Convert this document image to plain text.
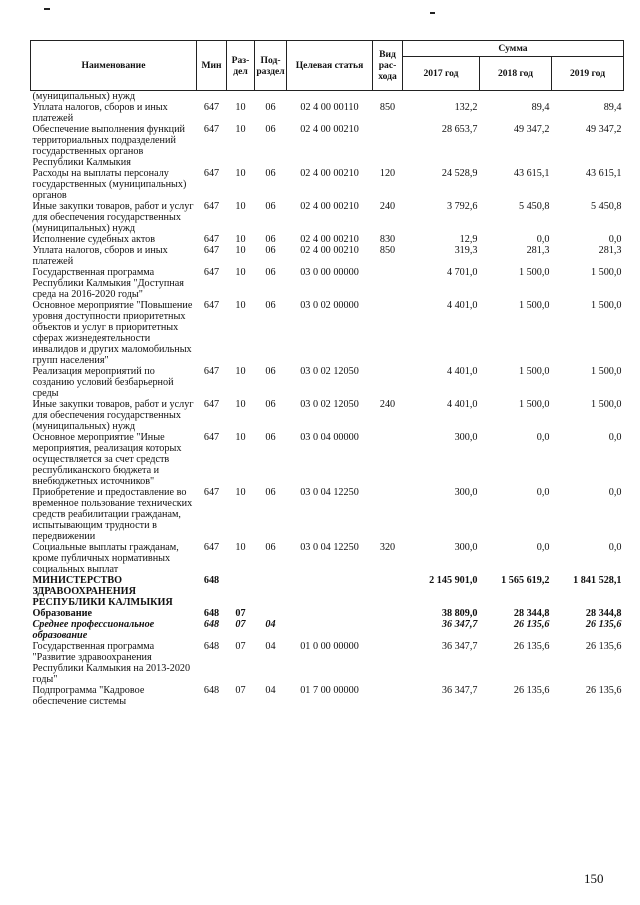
Наименование	Мин	Раз-дел	Под-раздел	Целевая статья	Вид рас-хода	Сумма		
						2017 год	2018 год	2019 год
(муниципальных) нужд								
Уплата налогов, сборов и иных платежей	647	10	06	02 4 00 00110	850	132,2	89,4	89,4
Обеспечение выполнения функций территориальных подразделений государственных органов Республики Калмыкия	647	10	06	02 4 00 00210		28 653,7	49 347,2	49 347,2
Расходы на выплаты персоналу государственных (муниципальных) органов	647	10	06	02 4 00 00210	120	24 528,9	43 615,1	43 615,1
Иные закупки товаров, работ и услуг для обеспечения государственных (муниципальных) нужд	647	10	06	02 4 00 00210	240	3 792,6	5 450,8	5 450,8
Исполнение судебных актов	647	10	06	02 4 00 00210	830	12,9	0,0	0,0
Уплата налогов, сборов и иных платежей	647	10	06	02 4 00 00210	850	319,3	281,3	281,3
Государственная программа Республики Калмыкия "Доступная среда на 2016-2020 годы"	647	10	06	03 0 00 00000		4 701,0	1 500,0	1 500,0
Основное мероприятие "Повышение уровня доступности приоритетных объектов и услуг в приоритетных сферах жизнедеятельности инвалидов и других маломобильных групп населения"	647	10	06	03 0 02 00000		4 401,0	1 500,0	1 500,0
Реализация мероприятий по созданию условий безбарьерной среды	647	10	06	03 0 02 12050		4 401,0	1 500,0	1 500,0
Иные закупки товаров, работ и услуг для обеспечения государственных (муниципальных) нужд	647	10	06	03 0 02 12050	240	4 401,0	1 500,0	1 500,0
Основное мероприятие "Иные мероприятия, реализация которых осуществляется за счет средств республиканского бюджета и внебюджетных источников"	647	10	06	03 0 04 00000		300,0	0,0	0,0
Приобретение и предоставление во временное пользование технических средств реабилитации гражданам, испытывающим трудности в передвижении	647	10	06	03 0 04 12250		300,0	0,0	0,0
Социальные выплаты гражданам, кроме публичных нормативных социальных выплат	647	10	06	03 0 04 12250	320	300,0	0,0	0,0
МИНИСТЕРСТВО ЗДРАВООХРАНЕНИЯ РЕСПУБЛИКИ КАЛМЫКИЯ	648					2 145 901,0	1 565 619,2	1 841 528,1
Образование	648	07				38 809,0	28 344,8	28 344,8
Среднее профессиональное образование	648	07	04			36 347,7	26 135,6	26 135,6
Государственная программа "Развитие здравоохранения Республики Калмыкия на 2013-2020 годы"	648	07	04	01 0 00 00000		36 347,7	26 135,6	26 135,6
Подпрограмма "Кадровое обеспечение системы	648	07	04	01 7 00 00000		36 347,7	26 135,6	26 135,6
150
